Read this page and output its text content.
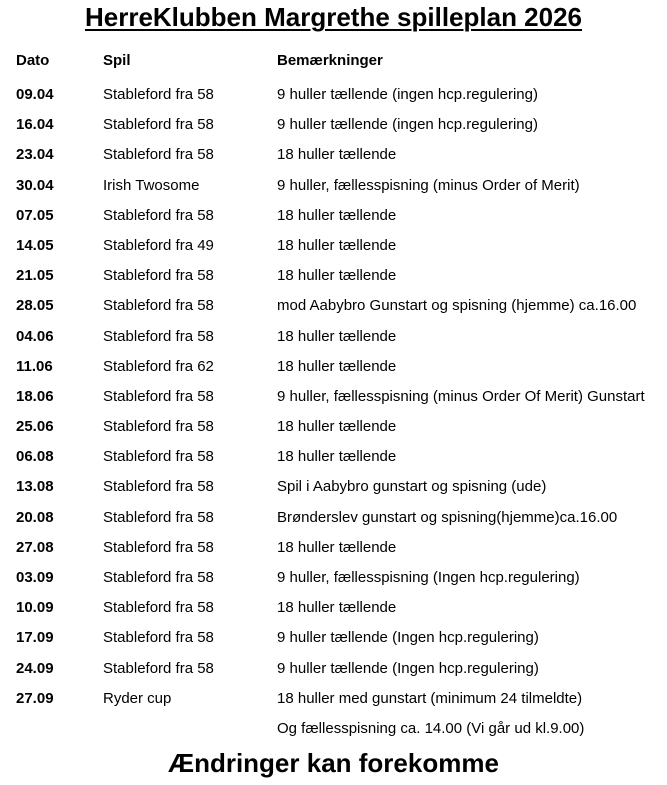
HerreKlubben Margrethe spilleplan 2026
Dato	Spil	Bemærkninger
09.04	Stableford fra 58	9 huller tællende (ingen hcp.regulering)
16.04	Stableford fra 58	9 huller tællende (ingen hcp.regulering)
23.04	Stableford fra 58	18 huller tællende
30.04	Irish Twosome	9 huller, fællesspisning (minus Order of Merit)
07.05	Stableford fra 58	18 huller tællende
14.05	Stableford fra 49	18 huller tællende
21.05	Stableford fra 58	18 huller tællende
28.05	Stableford fra 58	mod Aabybro Gunstart og spisning (hjemme) ca.16.00
04.06	Stableford fra 58	18 huller tællende
11.06	Stableford fra 62	18 huller tællende
18.06	Stableford fra 58	9 huller, fællesspisning (minus Order Of Merit) Gunstart
25.06	Stableford fra 58	18 huller tællende
06.08	Stableford fra 58	18 huller tællende
13.08	Stableford fra 58	Spil i Aabybro gunstart og spisning (ude)
20.08	Stableford fra 58	Brønderslev gunstart og spisning(hjemme)ca.16.00
27.08	Stableford fra 58	18 huller tællende
03.09	Stableford fra 58	9 huller, fællesspisning (Ingen hcp.regulering)
10.09	Stableford fra 58	18 huller tællende
17.09	Stableford fra 58	9 huller tællende (Ingen hcp.regulering)
24.09	Stableford fra 58	9 huller tællende (Ingen hcp.regulering)
27.09	Ryder cup	18 huller med gunstart (minimum 24 tilmeldte)
Og fællesspisning ca. 14.00 (Vi går ud kl.9.00)
Ændringer kan forekomme
